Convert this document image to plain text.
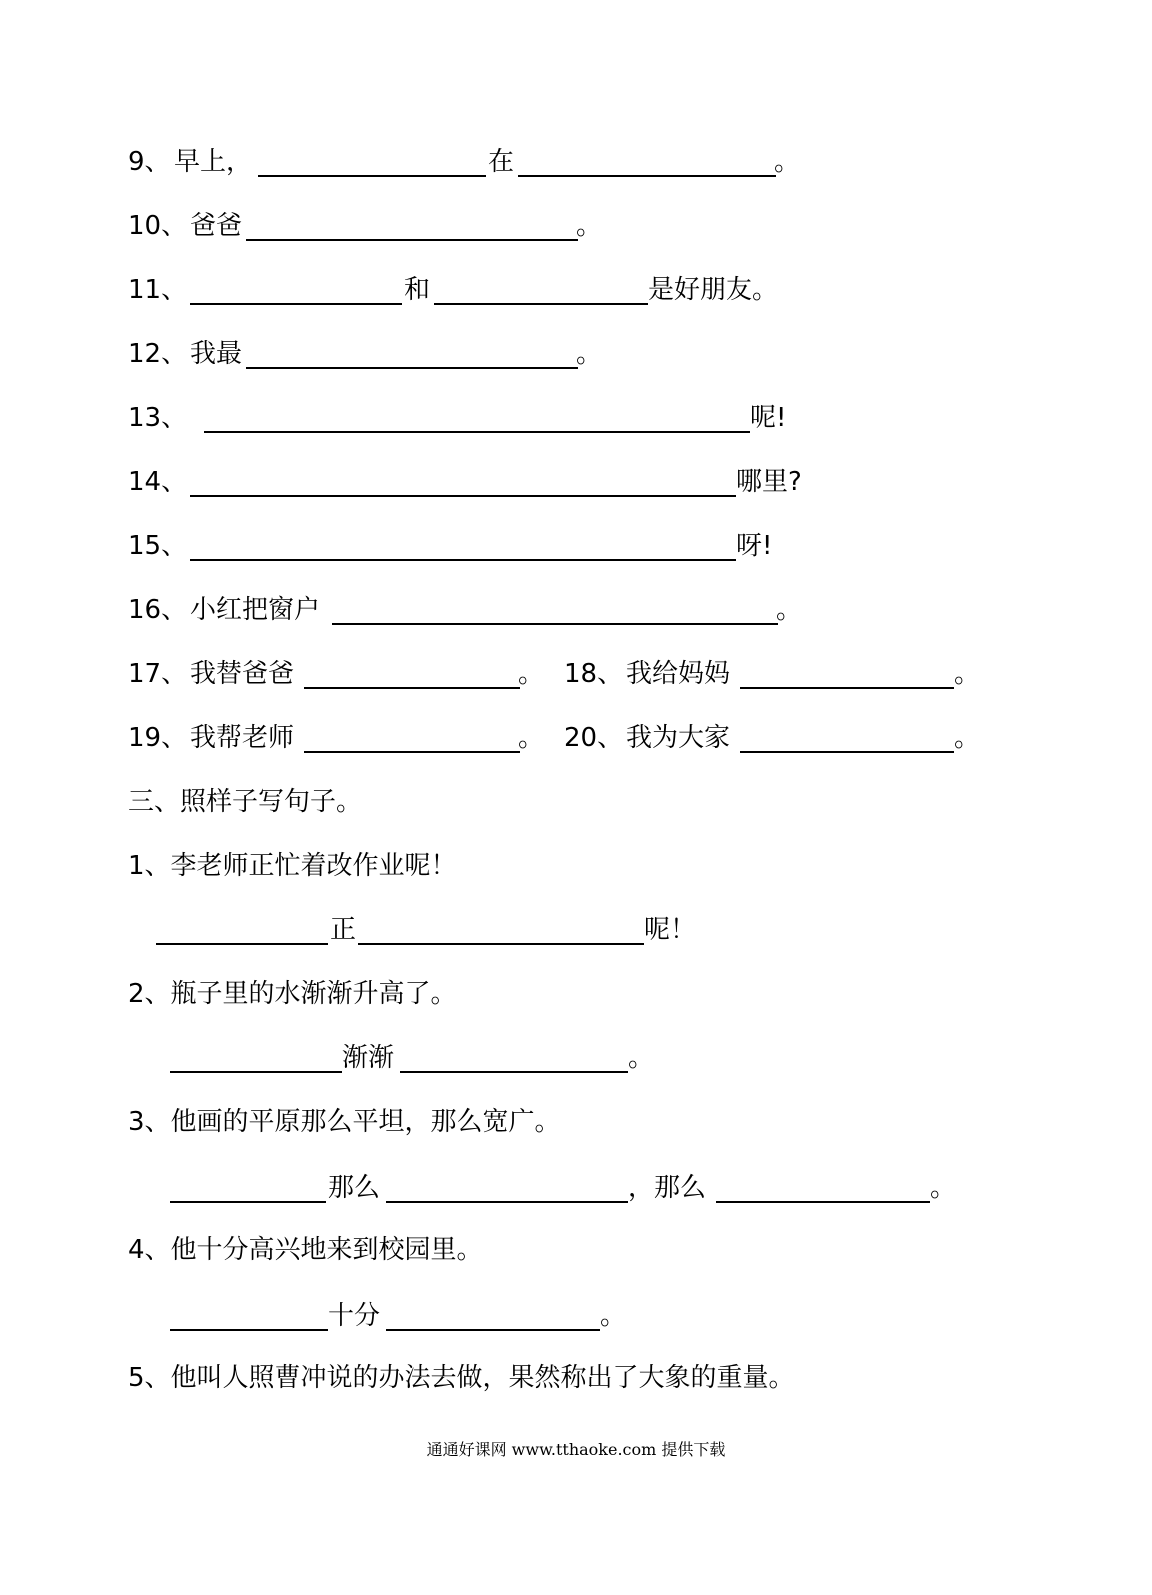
9、 早上，	在	。
10、 爸爸	。
11、	和	是好朋友。
12、 我最	。
13、	呢!
14、	哪里?
15、	呀!
16、 小红把窗户	。
17、 我替爸爸	。 18、 我给妈妈	。
19、 我帮老师	。 20、 我为大家	。
三、照样子写句子。
1、李老师正忙着改作业呢！
正	呢！
2、瓶子里的水渐渐升高了。
渐渐	。
3、他画的平原那么平坦，那么宽广。
那么	，那么	。
4、他十分高兴地来到校园里。
十分	。
5、他叫人照曹冲说的办法去做，果然称出了大象的重量。
通通好课网 www.tthaoke.com 提供下载
